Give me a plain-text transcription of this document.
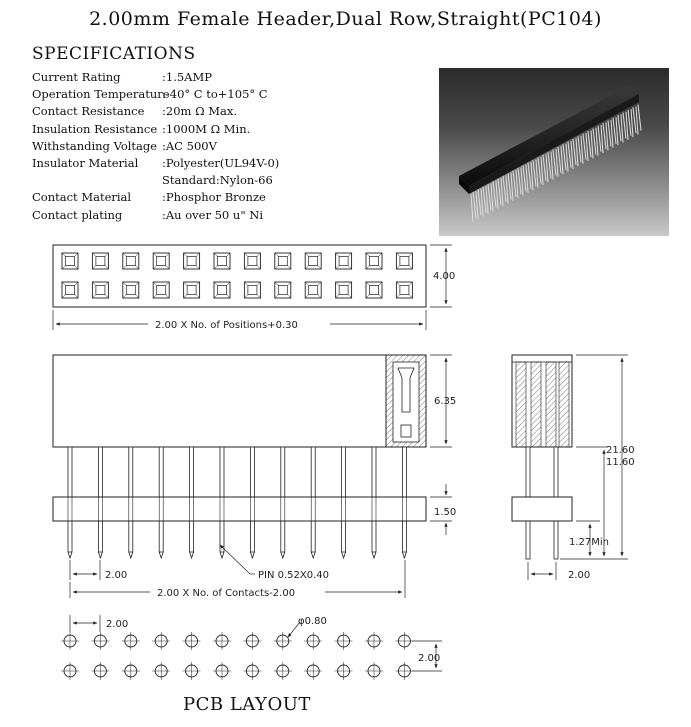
2.00mm Female Header,Dual Row,Straight(PC104)
SPECIFICATIONS
Current Rating	:1.5AMP
Operation Temperature
:-40° C to+105° C
Contact Resistance	:20m Ω Max.
Insulation Resistance :1000M Ω Min.
Withstanding Voltage :AC 500V
Insulator Material	:Polyester(UL94V-0)
Standard:Nylon-66
Contact Material	:Phosphor Bronze
Contact plating	:Au over 50 u" Ni
4.00
2.00 X No. of Positions+0.30
6.35
1.50
2.00	PIN 0.52X0.40
2.00 X No. of Contacts-2.00
21.60
11.60
1.27Min
2.00
2.00	φ0.80
2.00
PCB LAYOUT
